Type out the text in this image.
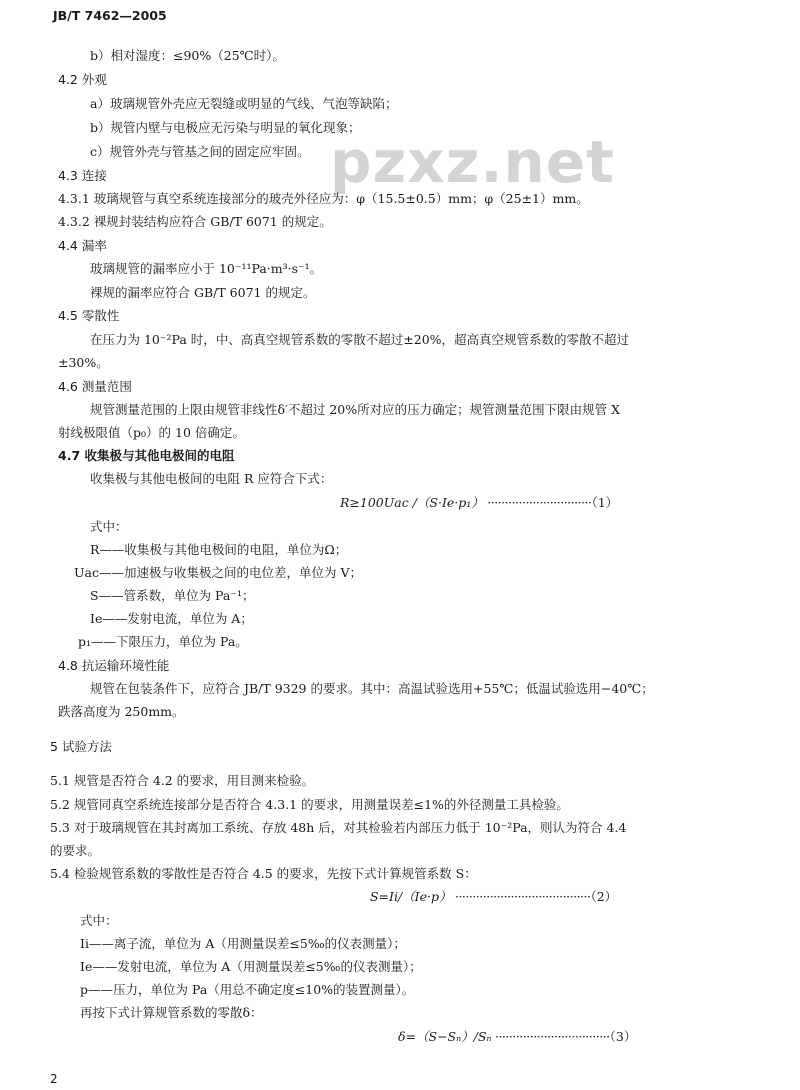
JB/T 7462—2005
pzxz.net
b）相对湿度：≤90%（25℃时）。
4.2 外观
a）玻璃规管外壳应无裂缝或明显的气线、气泡等缺陷；
b）规管内壁与电极应无污染与明显的氧化现象；
c）规管外壳与管基之间的固定应牢固。
4.3 连接
4.3.1 玻璃规管与真空系统连接部分的玻壳外径应为：φ（15.5±0.5）mm；φ（25±1）mm。
4.3.2 裸规封装结构应符合 GB/T 6071 的规定。
4.4 漏率
玻璃规管的漏率应小于 10⁻¹¹Pa·m³·s⁻¹。
裸规的漏率应符合 GB/T 6071 的规定。
4.5 零散性
在压力为 10⁻²Pa 时，中、高真空规管系数的零散不超过±20%，超高真空规管系数的零散不超过
±30%。
4.6 测量范围
规管测量范围的上限由规管非线性δ′不超过 20%所对应的压力确定；规管测量范围下限由规管 X
射线极限值（p₀）的 10 倍确定。
4.7 收集极与其他电极间的电阻
收集极与其他电极间的电阻 R 应符合下式：
R≥100Uac /（S·Ie·p₁） ······························（1）
式中：
R——收集极与其他电极间的电阻，单位为Ω；
Uac——加速极与收集极之间的电位差，单位为 V；
S——管系数，单位为 Pa⁻¹；
Ie——发射电流，单位为 A；
p₁——下限压力，单位为 Pa。
4.8 抗运输环境性能
规管在包装条件下，应符合 JB/T 9329 的要求。其中：高温试验选用+55℃；低温试验选用−40℃；
跌落高度为 250mm。
5 试验方法
5.1 规管是否符合 4.2 的要求，用目测来检验。
5.2 规管同真空系统连接部分是否符合 4.3.1 的要求，用测量误差≤1%的外径测量工具检验。
5.3 对于玻璃规管在其封离加工系统、存放 48h 后，对其检验若内部压力低于 10⁻²Pa，则认为符合 4.4
的要求。
5.4 检验规管系数的零散性是否符合 4.5 的要求，先按下式计算规管系数 S：
S=Ii/（Ie·p） ·······································（2）
式中：
Ii——离子流，单位为 A（用测量误差≤5‰的仪表测量）；
Ie——发射电流，单位为 A（用测量误差≤5‰的仪表测量）；
p——压力，单位为 Pa（用总不确定度≤10%的装置测量）。
再按下式计算规管系数的零散δ：
δ=（S−Sₙ）/Sₙ ·································（3）
2
